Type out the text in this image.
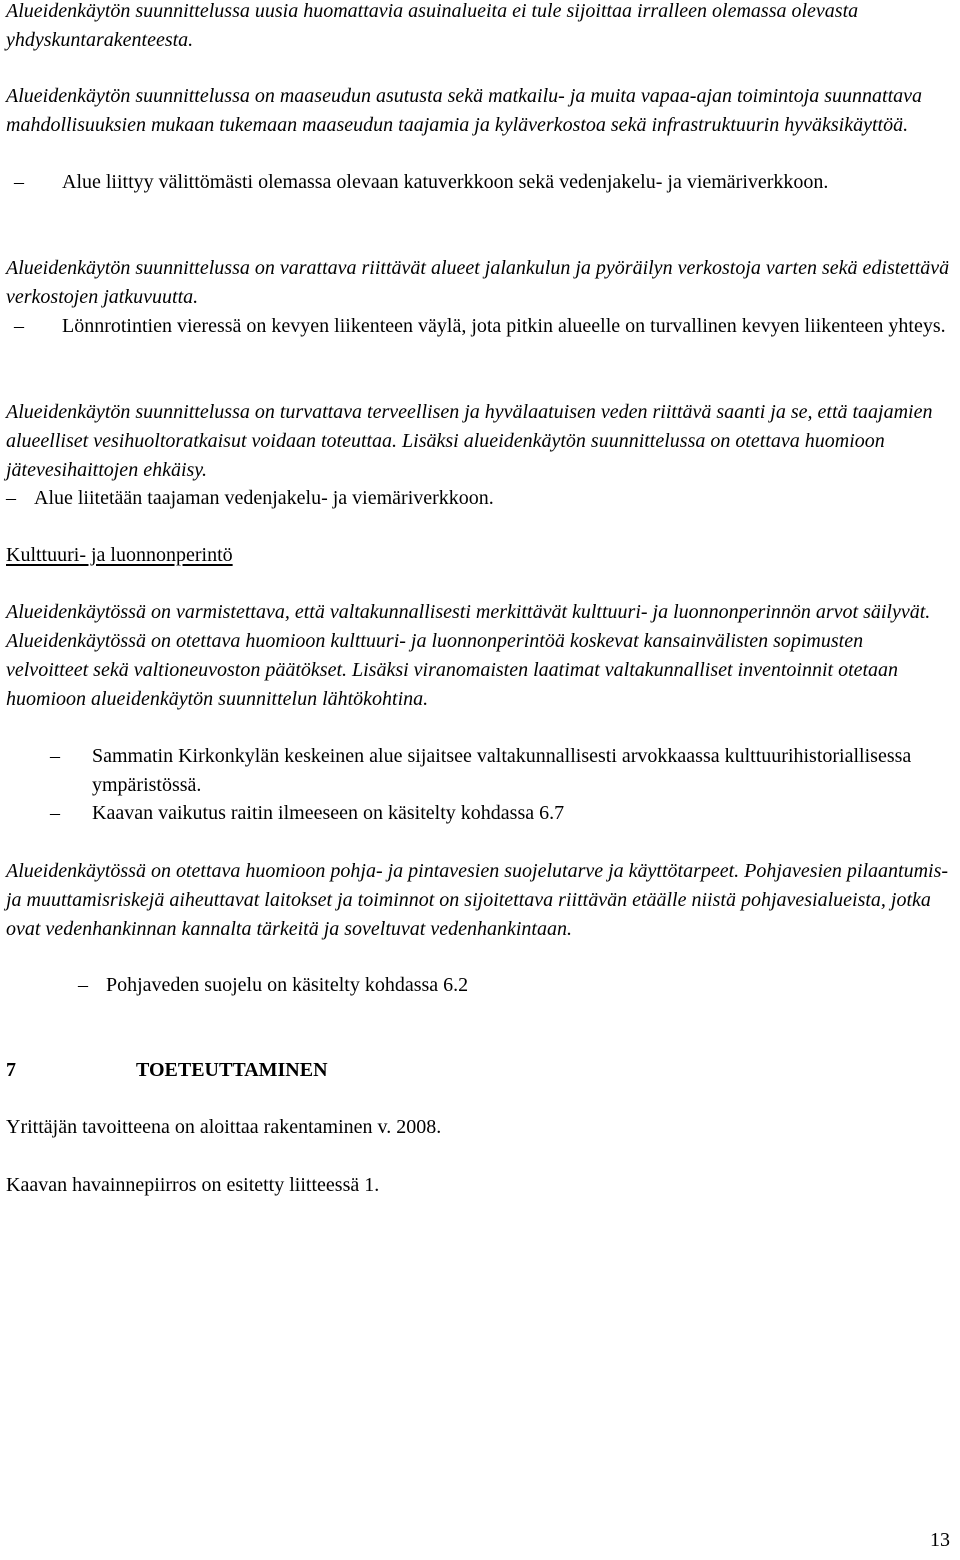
Alueidenkäytön suunnittelussa uusia huomattavia asuinalueita ei tule sijoittaa irralleen olemassa olevasta yhdyskuntarakenteesta.

Alueidenkäytön suunnittelussa on maaseudun asutusta sekä matkailu- ja muita vapaa-ajan toimintoja suunnattava mahdollisuuksien mukaan tukemaan maaseudun taajamia ja kyläverkostoa sekä infrastruktuurin hyväksikäyttöä.

–	Alue liittyy välittömästi olemassa olevaan katuverkkoon sekä vedenjakelu- ja viemäriverkkoon.

Alueidenkäytön suunnittelussa on varattava riittävät alueet jalankulun ja pyöräilyn verkostoja varten sekä edistettävä verkostojen jatkuvuutta.

–	Lönnrotintien vieressä on kevyen liikenteen väylä, jota pitkin alueelle on turvallinen kevyen liikenteen yhteys.

Alueidenkäytön suunnittelussa on turvattava terveellisen ja hyvälaatuisen veden riittävä saanti ja se, että taajamien alueelliset vesihuoltoratkaisut voidaan toteuttaa. Lisäksi alueidenkäytön suunnittelussa on otettava huomioon jätevesihaittojen ehkäisy.

– Alue liitetään taajaman vedenjakelu- ja viemäriverkkoon.

Kulttuuri- ja luonnonperintö

Alueidenkäytössä on varmistettava, että valtakunnallisesti merkittävät kulttuuri- ja luonnonperinnön arvot säilyvät. Alueidenkäytössä on otettava huomioon kulttuuri- ja luonnonperintöä koskevat kansainvälisten sopimusten velvoitteet sekä valtioneuvoston päätökset. Lisäksi viranomaisten laatimat valtakunnalliset inventoinnit otetaan huomioon alueidenkäytön suunnittelun lähtökohtina.

–	Sammatin Kirkonkylän keskeinen alue sijaitsee valtakunnallisesti arvokkaassa kulttuurihistoriallisessa ympäristössä.
–	Kaavan vaikutus raitin ilmeeseen on käsitelty kohdassa 6.7

Alueidenkäytössä on otettava huomioon pohja- ja pintavesien suojelutarve ja käyttötarpeet. Pohjavesien pilaantumis- ja muuttamisriskejä aiheuttavat laitokset ja toiminnot on sijoitettava riittävän etäälle niistä pohjavesialueista, jotka ovat vedenhankinnan kannalta tärkeitä ja soveltuvat vedenhankintaan.

– Pohjaveden suojelu on käsitelty kohdassa 6.2
7	TOETEUTTAMINEN

Yrittäjän tavoitteena on aloittaa rakentaminen v. 2008.

Kaavan havainnepiirros on esitetty liitteessä 1.

13
